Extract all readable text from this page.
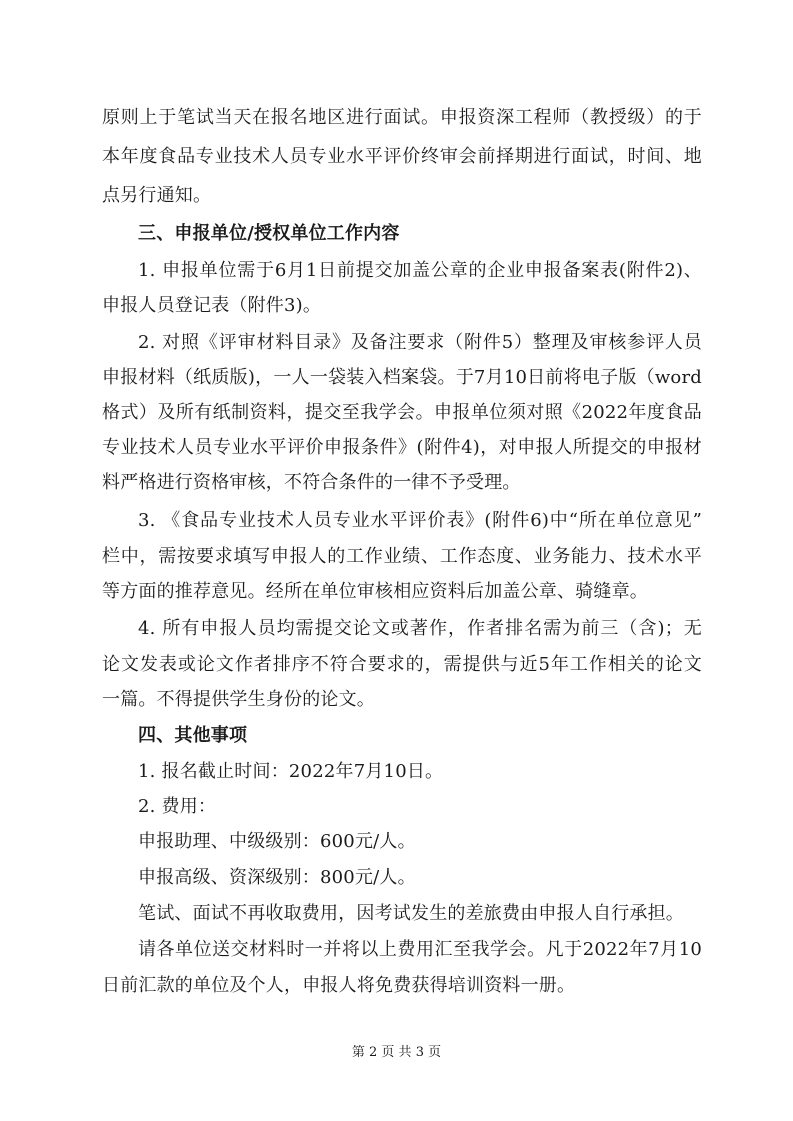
原则上于笔试当天在报名地区进行面试。申报资深工程师（教授级）的于
本年度食品专业技术人员专业水平评价终审会前择期进行面试，时间、地
点另行通知。
三、申报单位/授权单位工作内容
1. 申报单位需于6月1日前提交加盖公章的企业申报备案表(附件2)、
申报人员登记表（附件3)。
2. 对照《评审材料目录》及备注要求（附件5）整理及审核参评人员
申报材料（纸质版)，一人一袋装入档案袋。于7月10日前将电子版（word
格式）及所有纸制资料，提交至我学会。申报单位须对照《2022年度食品
专业技术人员专业水平评价申报条件》(附件4)，对申报人所提交的申报材
料严格进行资格审核，不符合条件的一律不予受理。
3. 《食品专业技术人员专业水平评价表》(附件6)中“所在单位意见”
栏中，需按要求填写申报人的工作业绩、工作态度、业务能力、技术水平
等方面的推荐意见。经所在单位审核相应资料后加盖公章、骑缝章。
4. 所有申报人员均需提交论文或著作，作者排名需为前三（含)；无
论文发表或论文作者排序不符合要求的，需提供与近5年工作相关的论文
一篇。不得提供学生身份的论文。
四、其他事项
1. 报名截止时间：2022年7月10日。
2. 费用：
申报助理、中级级别：600元/人。
申报高级、资深级别：800元/人。
笔试、面试不再收取费用，因考试发生的差旅费由申报人自行承担。
请各单位送交材料时一并将以上费用汇至我学会。凡于2022年7月10
日前汇款的单位及个人，申报人将免费获得培训资料一册。
第 2 页 共 3 页
